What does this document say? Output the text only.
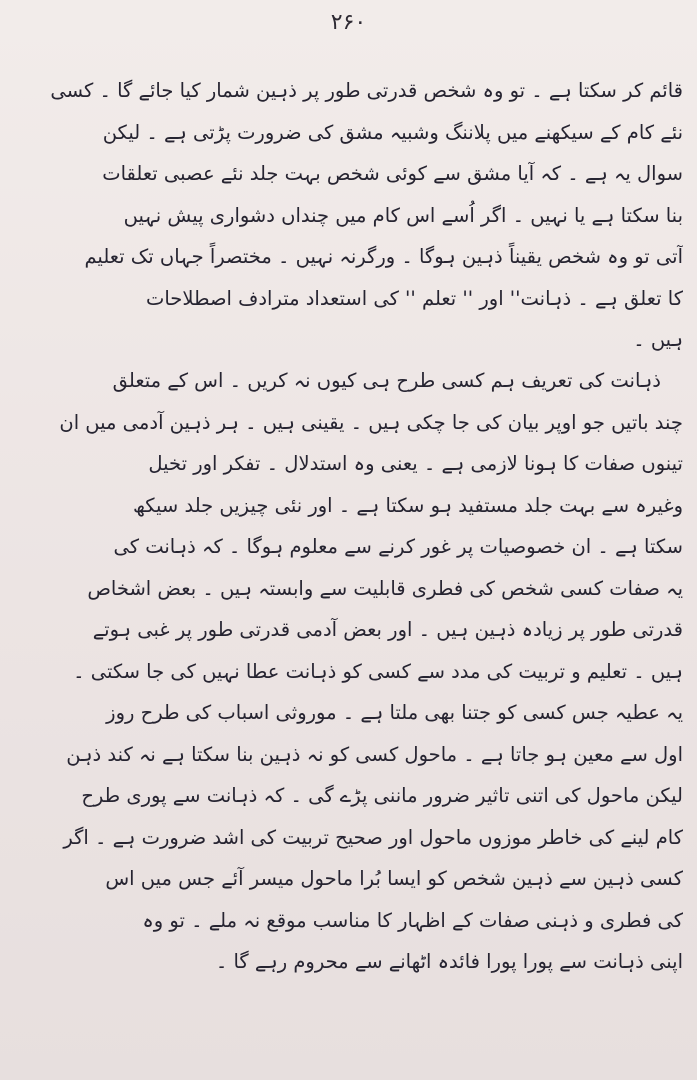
۲۶۰
قائم کر سکتا ہے ۔ تو وہ شخص قدرتی طور پر ذہین شمار کیا جائے گا ۔ کسی
نئے کام کے سیکھنے میں پلاننگ وشبیہ مشق کی ضرورت پڑتی ہے ۔ لیکن
سوال یہ ہے ۔ کہ آیا مشق سے کوئی شخص بہت جلد نئے عصبی تعلقات
بنا سکتا ہے یا نہیں ۔ اگر اُسے اس کام میں چنداں دشواری پیش نہیں
آتی تو وہ شخص یقیناً ذہین ہوگا ۔ ورگرنہ نہیں ۔ مختصراً جہاں تک تعلیم
کا تعلق ہے ۔ ذہانت'' اور '' تعلم '' کی استعداد مترادف اصطلاحات
ہیں ۔
ذہانت کی تعریف ہم کسی طرح ہی کیوں نہ کریں ۔ اس کے متعلق
چند باتیں جو اوپر بیان کی جا چکی ہیں ۔ یقینی ہیں ۔ ہر ذہین آدمی میں ان
تینوں صفات کا ہونا لازمی ہے ۔ یعنی وہ استدلال ۔ تفکر اور تخیل
وغیرہ سے بہت جلد مستفید ہو سکتا ہے ۔ اور نئی چیزیں جلد سیکھ
سکتا ہے ۔ ان خصوصیات پر غور کرنے سے معلوم ہوگا ۔ کہ ذہانت کی
یہ صفات کسی شخص کی فطری قابلیت سے وابستہ ہیں ۔ بعض اشخاص
قدرتی طور پر زیادہ ذہین ہیں ۔ اور بعض آدمی قدرتی طور پر غبی ہوتے
ہیں ۔ تعلیم و تربیت کی مدد سے کسی کو ذہانت عطا نہیں کی جا سکتی ۔
یہ عطیہ جس کسی کو جتنا بھی ملتا ہے ۔ موروثی اسباب کی طرح روز
اول سے معین ہو جاتا ہے ۔ ماحول کسی کو نہ ذہین بنا سکتا ہے نہ کند ذہن
لیکن ماحول کی اتنی تاثیر ضرور ماننی پڑے گی ۔ کہ ذہانت سے پوری طرح
کام لینے کی خاطر موزوں ماحول اور صحیح تربیت کی اشد ضرورت ہے ۔ اگر
کسی ذہین سے ذہین شخص کو ایسا بُرا ماحول میسر آئے جس میں اس
کی فطری و ذہنی صفات کے اظہار کا مناسب موقع نہ ملے ۔ تو وہ
اپنی ذہانت سے پورا پورا فائدہ اٹھانے سے محروم رہے گا ۔
